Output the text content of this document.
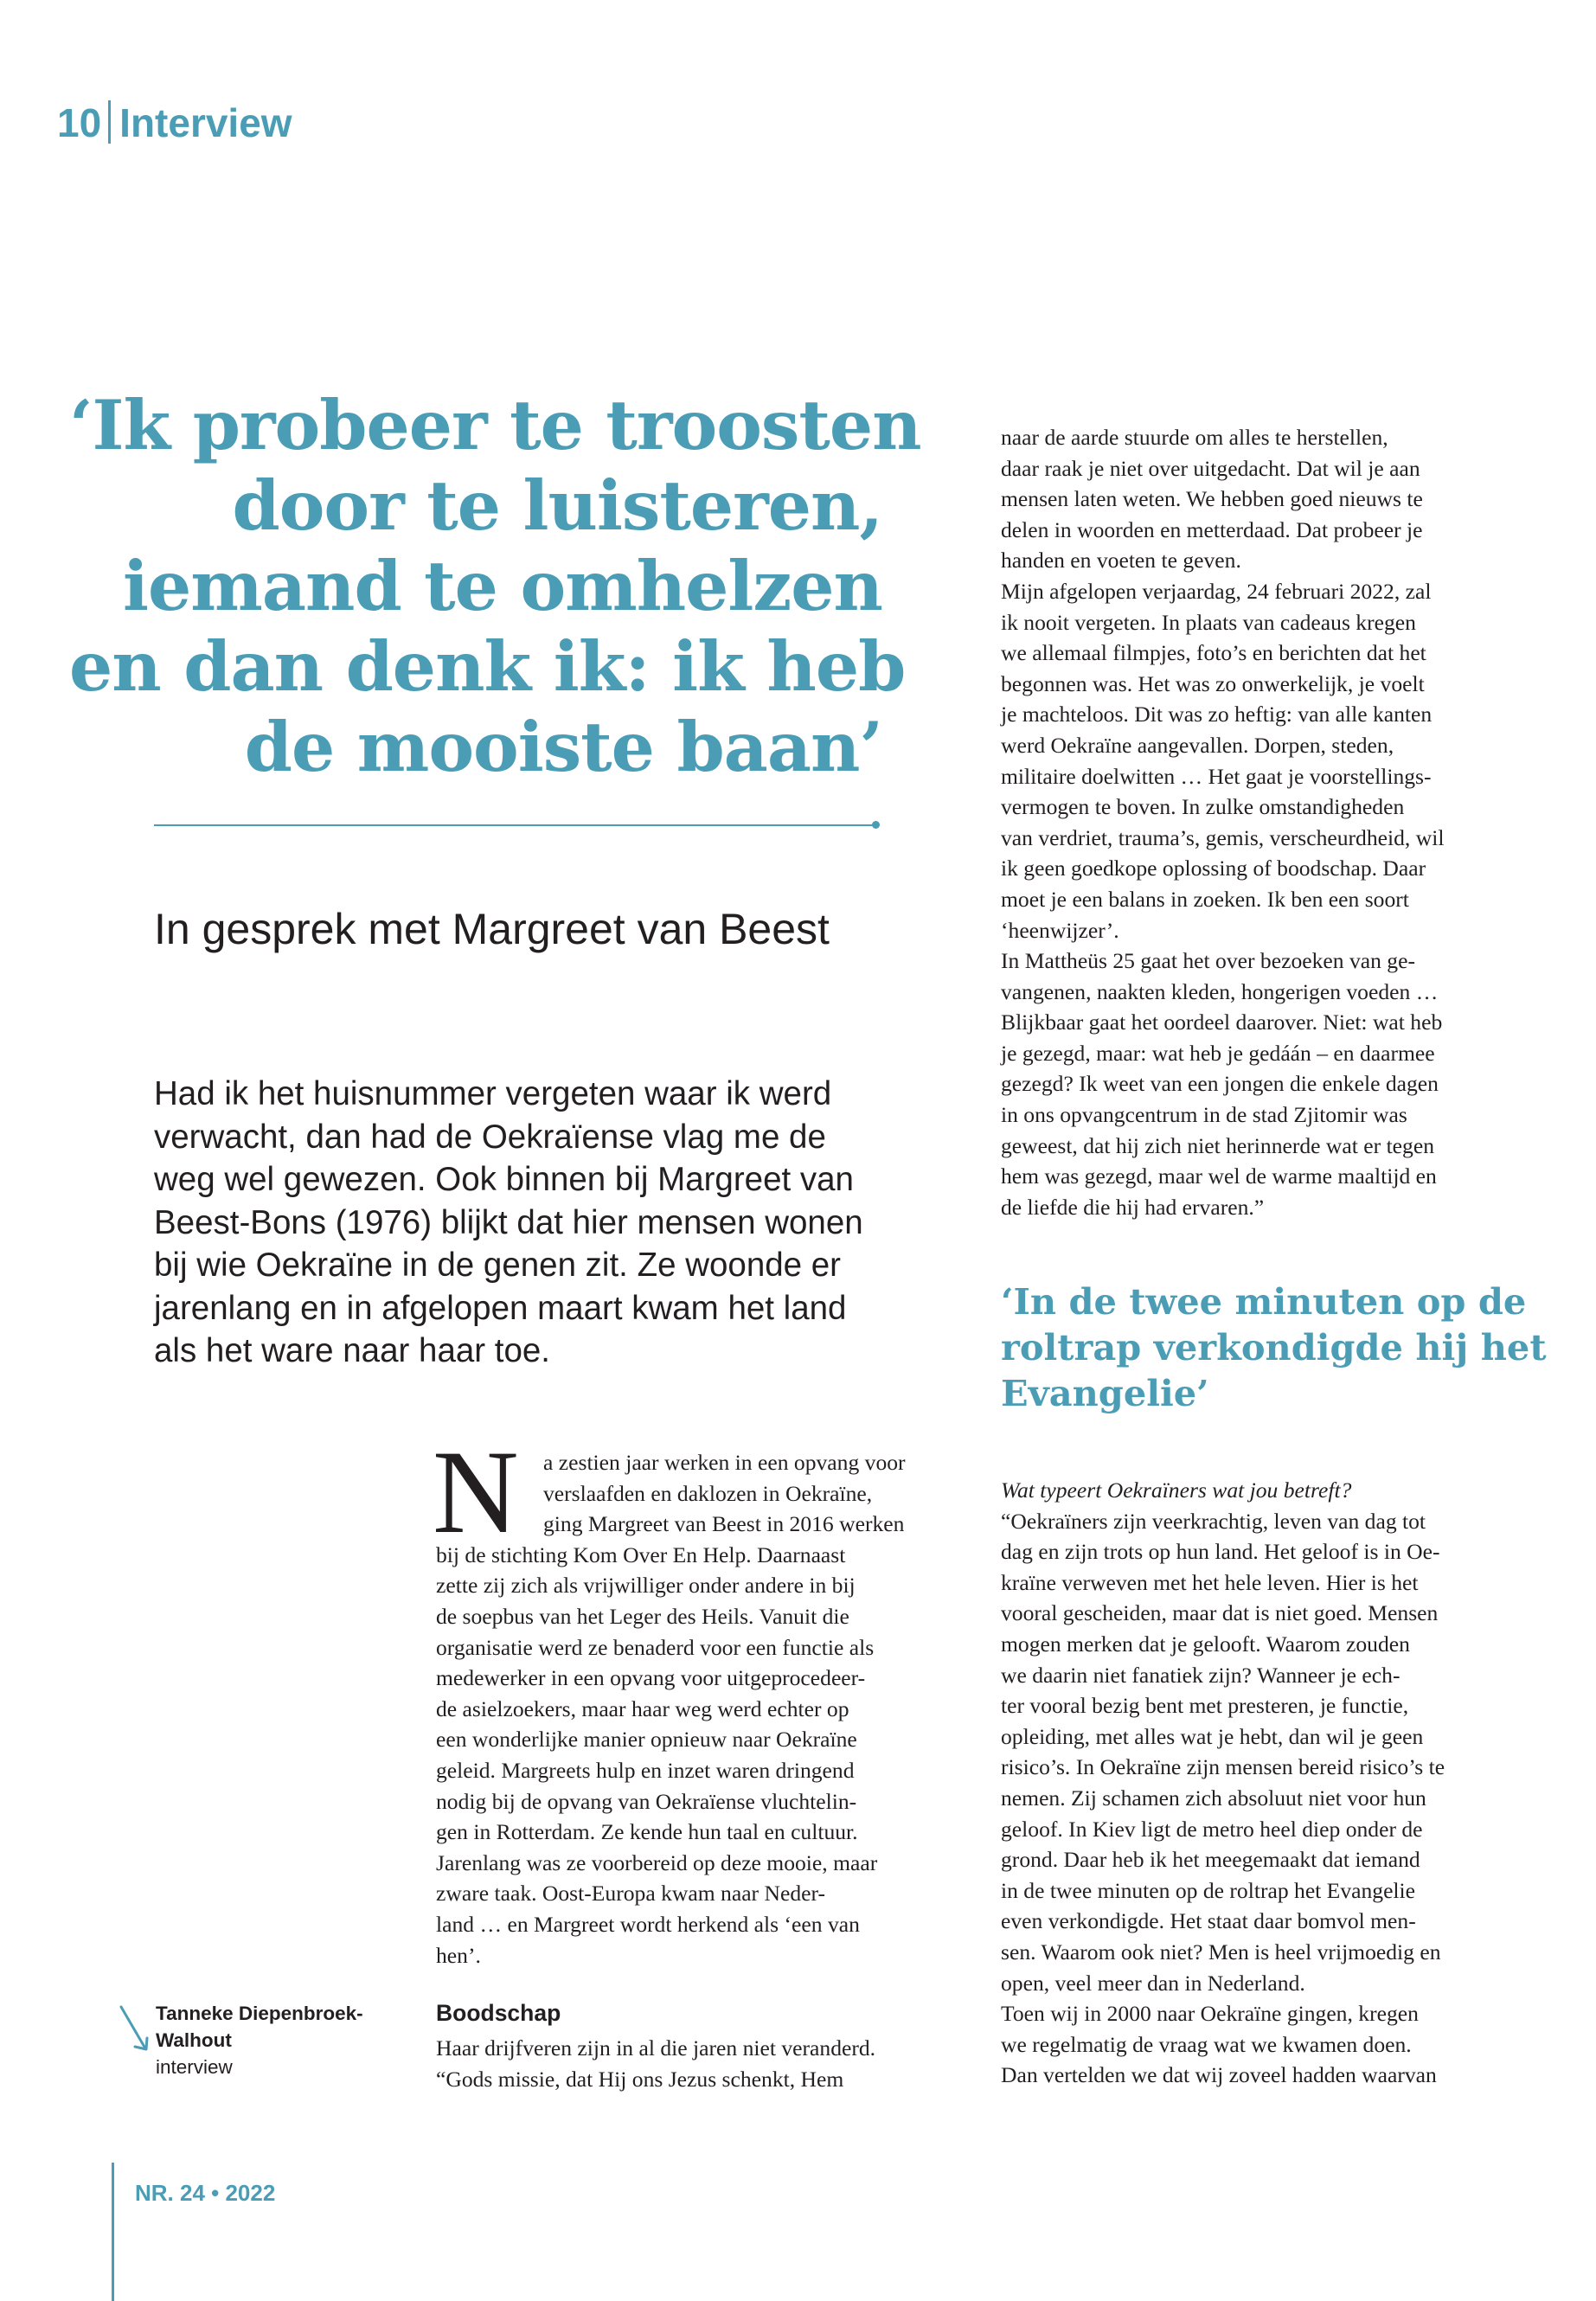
10 Interview
‘Ik probeer te troosten
door te luisteren,
iemand te omhelzen
en dan denk ik: ik heb
de mooiste baan’
In gesprek met Margreet van Beest
Had ik het huisnummer vergeten waar ik werd
verwacht, dan had de Oekraïense vlag me de
weg wel gewezen. Ook binnen bij Margreet van
Beest-Bons (1976) blijkt dat hier mensen wonen
bij wie Oekraïne in de genen zit. Ze woonde er
jarenlang en in afgelopen maart kwam het land
als het ware naar haar toe.
N	a zestien jaar werken in een opvang voor
verslaafden en daklozen in Oekraïne,
ging Margreet van Beest in 2016 werken
bij de stichting Kom Over En Help. Daarnaast
zette zij zich als vrijwilliger onder andere in bij
de soepbus van het Leger des Heils. Vanuit die
organisatie werd ze benaderd voor een functie als
medewerker in een opvang voor uitgeprocedeer-
de asielzoekers, maar haar weg werd echter op
een wonderlijke manier opnieuw naar Oekraïne
geleid. Margreets hulp en inzet waren dringend
nodig bij de opvang van Oekraïense vluchtelin-
gen in Rotterdam. Ze kende hun taal en cultuur.
Jarenlang was ze voorbereid op deze mooie, maar
zware taak. Oost-Europa kwam naar Neder-
land … en Margreet wordt herkend als ‘een van
hen’.
Boodschap
Haar drijfveren zijn in al die jaren niet veranderd.
“Gods missie, dat Hij ons Jezus schenkt, Hem
naar de aarde stuurde om alles te herstellen,
daar raak je niet over uitgedacht. Dat wil je aan
mensen laten weten. We hebben goed nieuws te
delen in woorden en metterdaad. Dat probeer je
handen en voeten te geven.
Mijn afgelopen verjaardag, 24 februari 2022, zal
ik nooit vergeten. In plaats van cadeaus kregen
we allemaal filmpjes, foto’s en berichten dat het
begonnen was. Het was zo onwerkelijk, je voelt
je machteloos. Dit was zo heftig: van alle kanten
werd Oekraïne aangevallen. Dorpen, steden,
militaire doelwitten … Het gaat je voorstellings-
vermogen te boven. In zulke omstandigheden
van verdriet, trauma’s, gemis, verscheurdheid, wil
ik geen goedkope oplossing of boodschap. Daar
moet je een balans in zoeken. Ik ben een soort
‘heenwijzer’.
In Mattheüs 25 gaat het over bezoeken van ge-
vangenen, naakten kleden, hongerigen voeden …
Blijkbaar gaat het oordeel daarover. Niet: wat heb
je gezegd, maar: wat heb je gedáán – en daarmee
gezegd? Ik weet van een jongen die enkele dagen
in ons opvangcentrum in de stad Zjitomir was
geweest, dat hij zich niet herinnerde wat er tegen
hem was gezegd, maar wel de warme maaltijd en
de liefde die hij had ervaren.”
‘In de twee minuten op de
roltrap verkondigde hij het
Evangelie’
Wat typeert Oekraïners wat jou betreft?
“Oekraïners zijn veerkrachtig, leven van dag tot
dag en zijn trots op hun land. Het geloof is in Oe-
kraïne verweven met het hele leven. Hier is het
vooral gescheiden, maar dat is niet goed. Mensen
mogen merken dat je gelooft. Waarom zouden
we daarin niet fanatiek zijn? Wanneer je ech-
ter vooral bezig bent met presteren, je functie,
opleiding, met alles wat je hebt, dan wil je geen
risico’s. In Oekraïne zijn mensen bereid risico’s te
nemen. Zij schamen zich absoluut niet voor hun
geloof. In Kiev ligt de metro heel diep onder de
grond. Daar heb ik het meegemaakt dat iemand
in de twee minuten op de roltrap het Evangelie
even verkondigde. Het staat daar bomvol men-
sen. Waarom ook niet? Men is heel vrijmoedig en
open, veel meer dan in Nederland.
Toen wij in 2000 naar Oekraïne gingen, kregen
we regelmatig de vraag wat we kwamen doen.
Dan vertelden we dat wij zoveel hadden waarvan
Tanneke Diepenbroek-
Walhout
interview
NR. 24 • 2022
